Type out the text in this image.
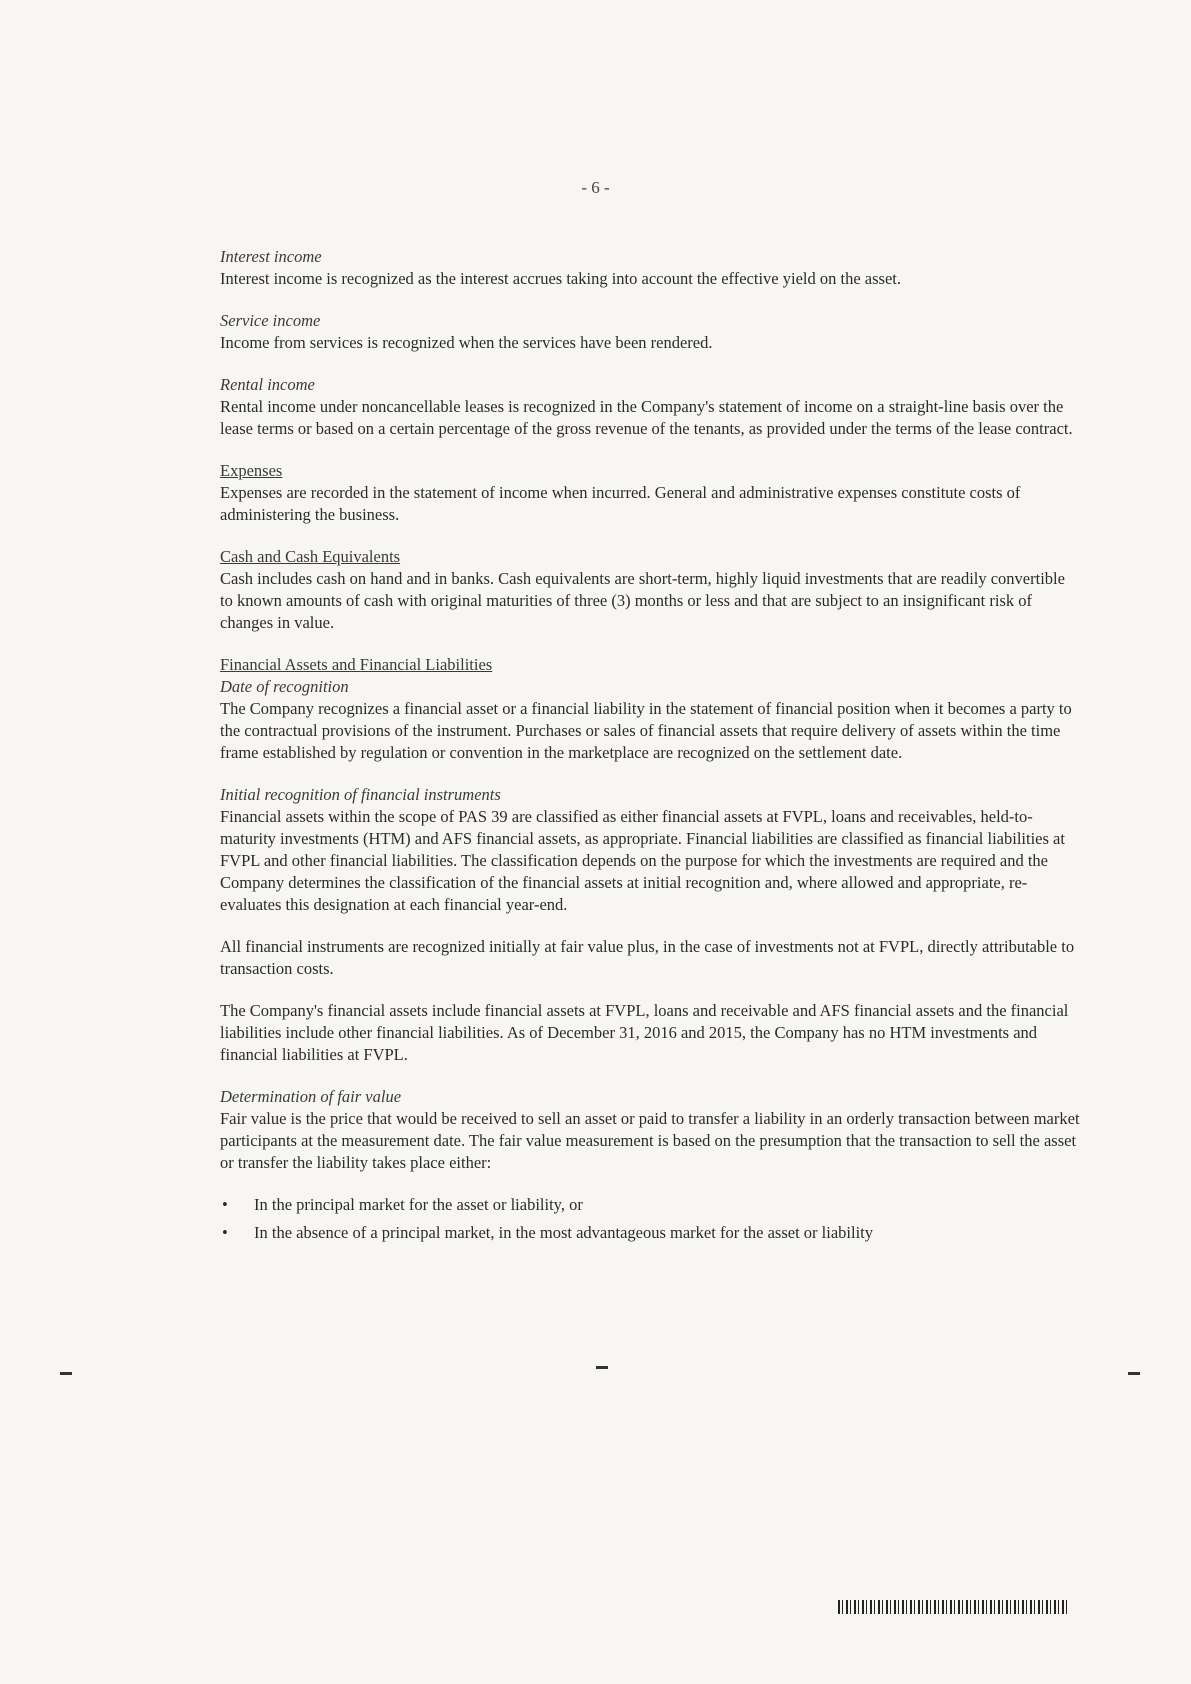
- 6 -

Interest income

Interest income is recognized as the interest accrues taking into account the effective yield on the asset.

Service income

Income from services is recognized when the services have been rendered.

Rental income

Rental income under noncancellable leases is recognized in the Company's statement of income on a straight-line basis over the lease terms or based on a certain percentage of the gross revenue of the tenants, as provided under the terms of the lease contract.

Expenses

Expenses are recorded in the statement of income when incurred. General and administrative expenses constitute costs of administering the business.

Cash and Cash Equivalents

Cash includes cash on hand and in banks. Cash equivalents are short-term, highly liquid investments that are readily convertible to known amounts of cash with original maturities of three (3) months or less and that are subject to an insignificant risk of changes in value.

Financial Assets and Financial Liabilities

Date of recognition

The Company recognizes a financial asset or a financial liability in the statement of financial position when it becomes a party to the contractual provisions of the instrument. Purchases or sales of financial assets that require delivery of assets within the time frame established by regulation or convention in the marketplace are recognized on the settlement date.

Initial recognition of financial instruments

Financial assets within the scope of PAS 39 are classified as either financial assets at FVPL, loans and receivables, held-to-maturity investments (HTM) and AFS financial assets, as appropriate. Financial liabilities are classified as financial liabilities at FVPL and other financial liabilities. The classification depends on the purpose for which the investments are required and the Company determines the classification of the financial assets at initial recognition and, where allowed and appropriate, re-evaluates this designation at each financial year-end.

All financial instruments are recognized initially at fair value plus, in the case of investments not at FVPL, directly attributable to transaction costs.

The Company's financial assets include financial assets at FVPL, loans and receivable and AFS financial assets and the financial liabilities include other financial liabilities. As of December 31, 2016 and 2015, the Company has no HTM investments and financial liabilities at FVPL.

Determination of fair value

Fair value is the price that would be received to sell an asset or paid to transfer a liability in an orderly transaction between market participants at the measurement date. The fair value measurement is based on the presumption that the transaction to sell the asset or transfer the liability takes place either:

• In the principal market for the asset or liability, or
• In the absence of a principal market, in the most advantageous market for the asset or liability
